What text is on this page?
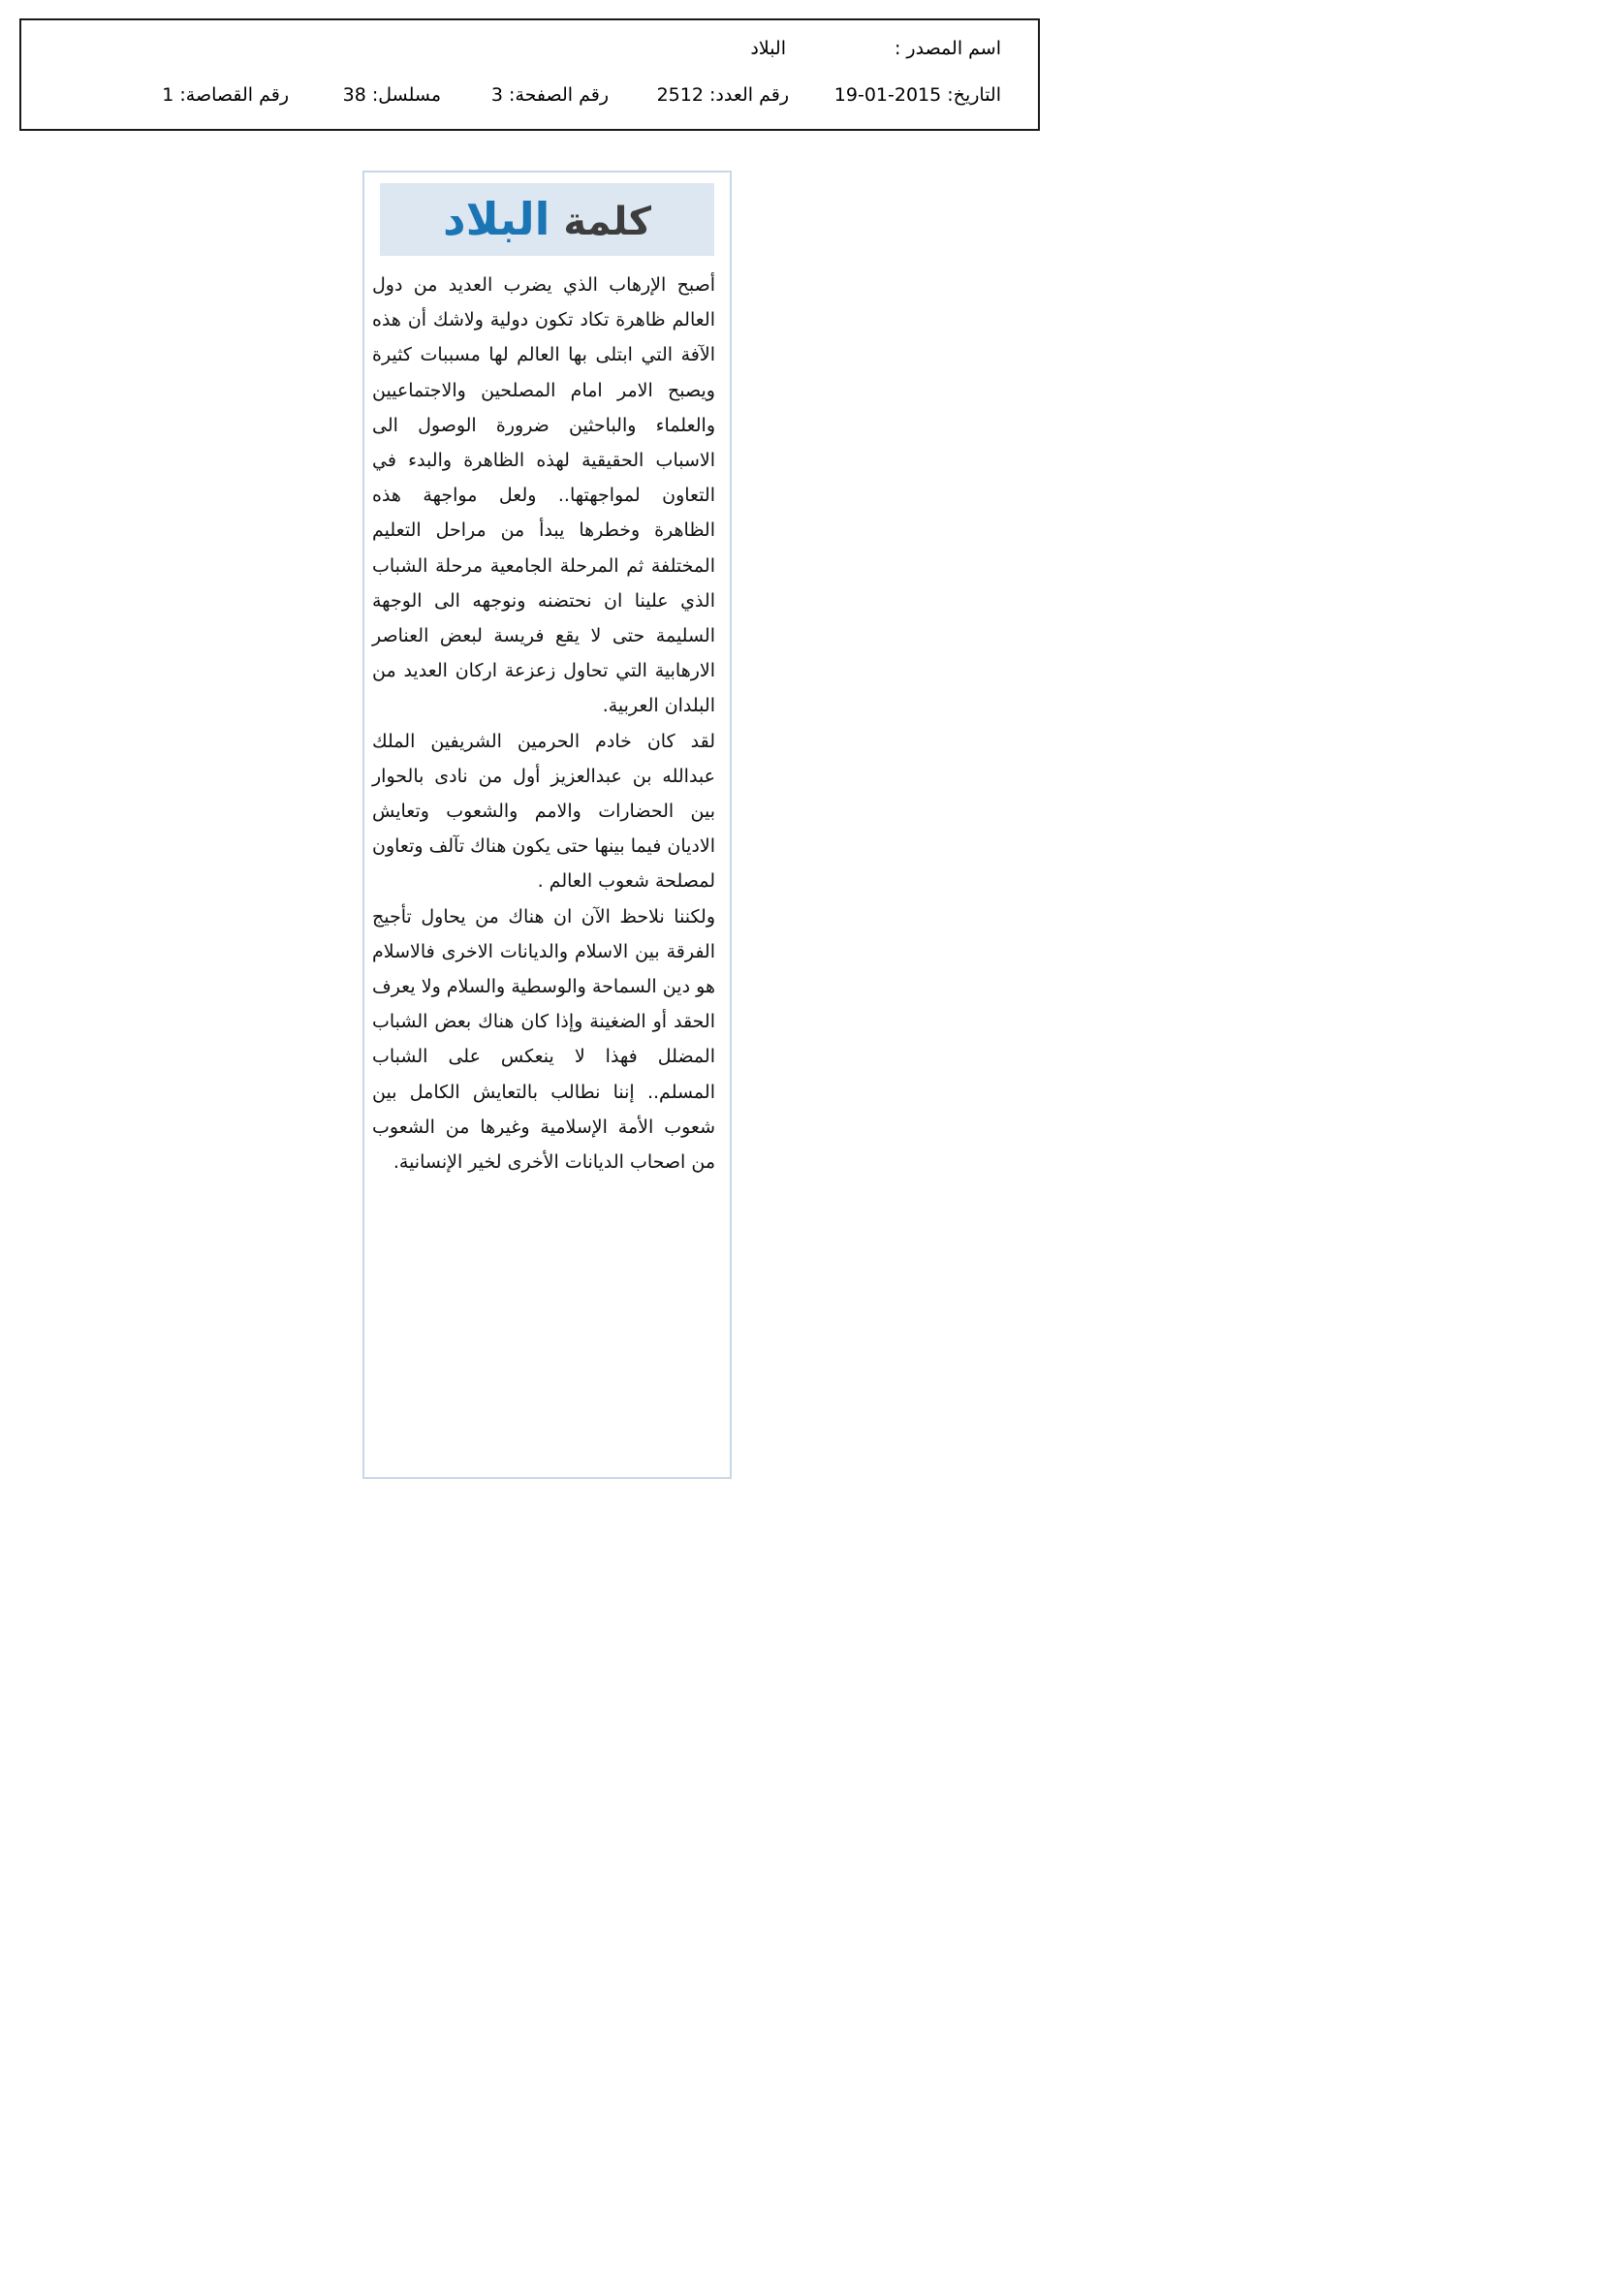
اسم المصدر :
البلاد
التاريخ: 2015-01-19
رقم العدد: 2512
رقم الصفحة: 3
مسلسل: 38
رقم القصاصة: 1
كلمة البلاد

أصبح الإرهاب الذي يضرب العديد من دول العالم ظاهرة تكاد تكون دولية ولاشك أن هذه الآفة التي ابتلى بها العالم لها مسببات كثيرة ويصبح الامر امام المصلحين والاجتماعيين والعلماء والباحثين ضرورة الوصول الى الاسباب الحقيقية لهذه الظاهرة والبدء في التعاون لمواجهتها.. ولعل مواجهة هذه الظاهرة وخطرها يبدأ من مراحل التعليم المختلفة ثم المرحلة الجامعية مرحلة الشباب الذي علينا ان نحتضنه ونوجهه الى الوجهة السليمة حتى لا يقع فريسة لبعض العناصر الارهابية التي تحاول زعزعة اركان العديد من البلدان العربية.

لقد كان خادم الحرمين الشريفين الملك عبدالله بن عبدالعزيز أول من نادى بالحوار بين الحضارات والامم والشعوب وتعايش الاديان فيما بينها حتى يكون هناك تآلف وتعاون لمصلحة شعوب العالم .

ولكننا نلاحظ الآن ان هناك من يحاول تأجيج الفرقة بين الاسلام والديانات الاخرى فالاسلام هو دين السماحة والوسطية والسلام ولا يعرف الحقد أو الضغينة وإذا كان هناك بعض الشباب المضلل فهذا لا ينعكس على الشباب المسلم.. إننا نطالب بالتعايش الكامل بين شعوب الأمة الإسلامية وغيرها من الشعوب من اصحاب الديانات الأخرى لخير الإنسانية.
